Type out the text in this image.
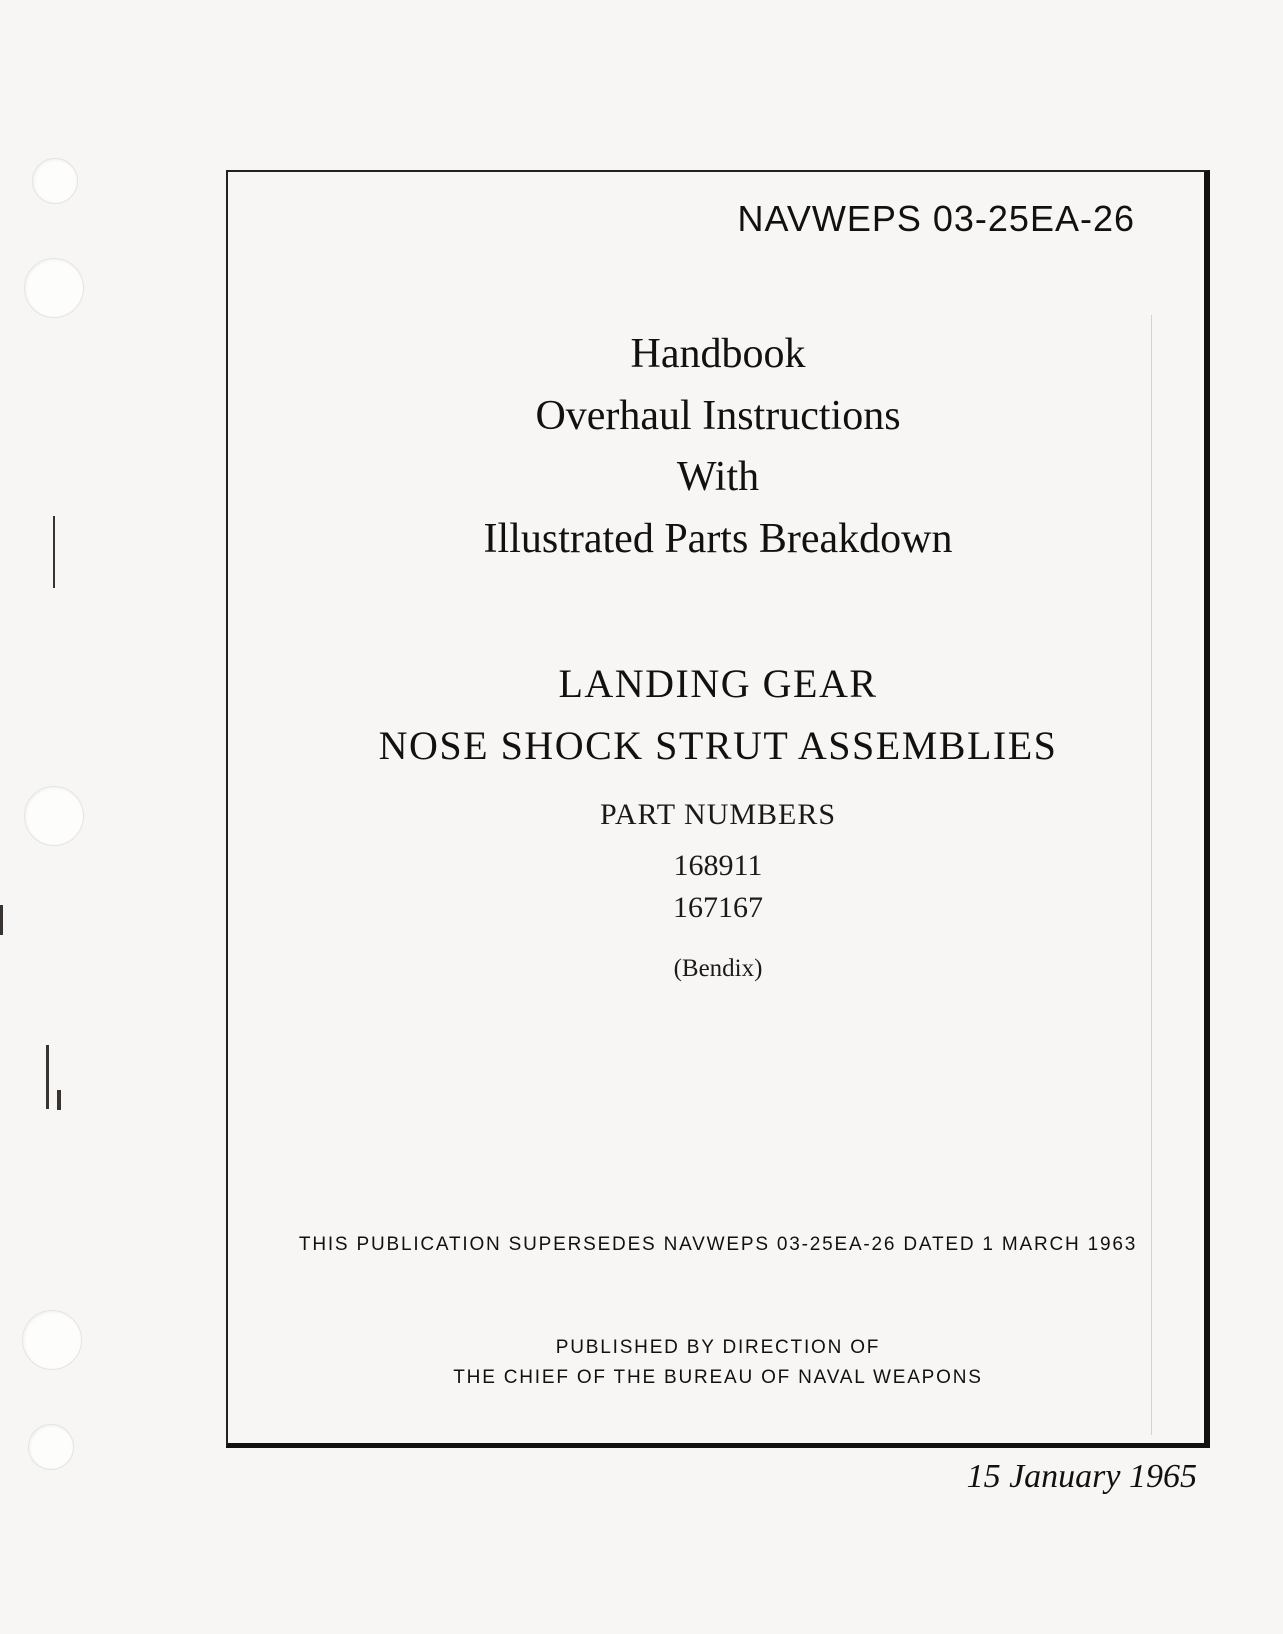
NAVWEPS 03-25EA-26
Handbook
Overhaul Instructions
With
Illustrated Parts Breakdown
LANDING GEAR
NOSE SHOCK STRUT ASSEMBLIES
PART NUMBERS
168911
167167
(Bendix)
THIS PUBLICATION SUPERSEDES NAVWEPS 03-25EA-26 DATED 1 MARCH 1963
PUBLISHED BY DIRECTION OF
THE CHIEF OF THE BUREAU OF NAVAL WEAPONS
15 January 1965
